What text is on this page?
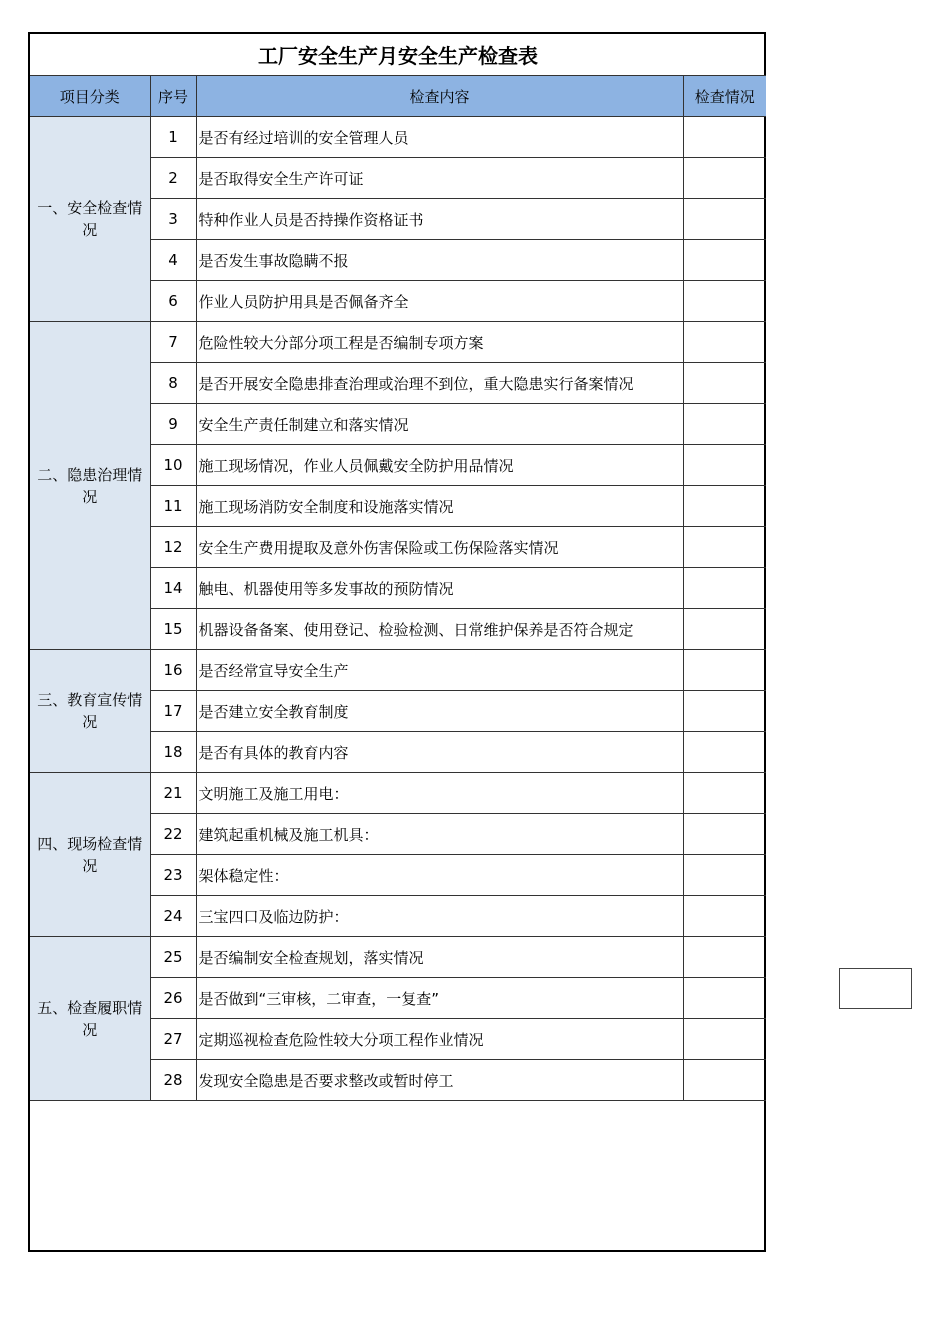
工厂安全生产月安全生产检查表			
项目分类	序号	检查内容	检查情况
一、安全检查情况	1	是否有经过培训的安全管理人员	
	2	是否取得安全生产许可证	
	3	特种作业人员是否持操作资格证书	
	4	是否发生事故隐瞒不报	
	6	作业人员防护用具是否佩备齐全	
二、隐患治理情况	7	危险性较大分部分项工程是否编制专项方案	
	8	是否开展安全隐患排查治理或治理不到位，重大隐患实行备案情况	
	9	安全生产责任制建立和落实情况	
	10	施工现场情况，作业人员佩戴安全防护用品情况	
	11	施工现场消防安全制度和设施落实情况	
	12	安全生产费用提取及意外伤害保险或工伤保险落实情况	
	14	触电、机器使用等多发事故的预防情况	
	15	机器设备备案、使用登记、检验检测、日常维护保养是否符合规定	
三、教育宣传情况	16	是否经常宣导安全生产	
	17	是否建立安全教育制度	
	18	是否有具体的教育内容	
四、现场检查情况	21	文明施工及施工用电：	
	22	建筑起重机械及施工机具：	
	23	架体稳定性：	
	24	三宝四口及临边防护：	
五、检查履职情况	25	是否编制安全检查规划，落实情况	
	26	是否做到“三审核，二审查，一复查”	
	27	定期巡视检查危险性较大分项工程作业情况	
	28	发现安全隐患是否要求整改或暂时停工	
